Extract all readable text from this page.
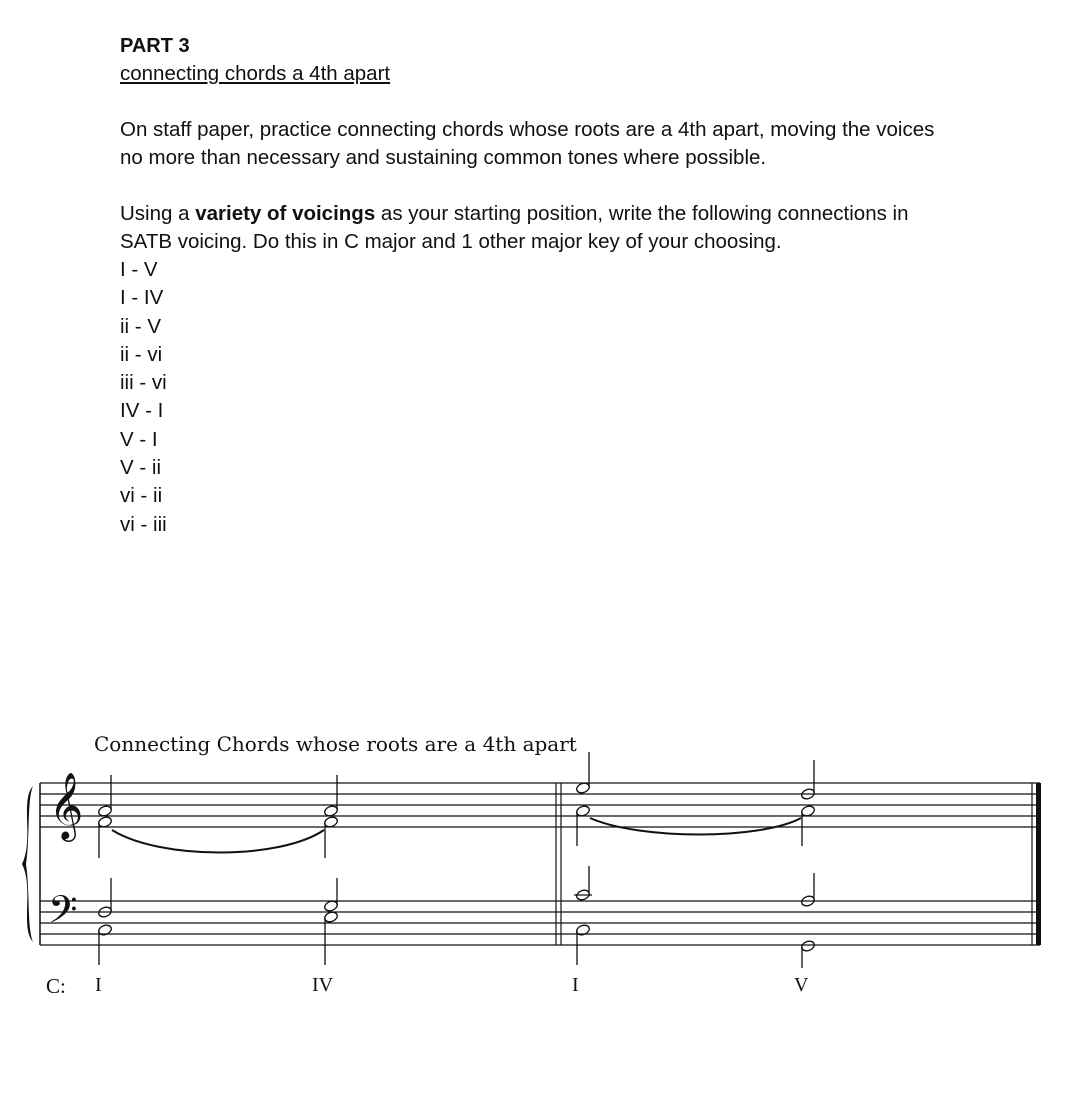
PART 3
connecting chords a 4th apart

On staff paper, practice connecting chords whose roots are a 4th apart, moving the voices no more than necessary and sustaining common tones where possible.

Using a variety of voicings as your starting position, write the following connections in SATB voicing. Do this in C major and 1 other major key of your choosing.

I - V
I - IV
ii - V
ii - vi
iii - vi
IV - I
V - I
V - ii
vi - ii
vi - iii
Connecting Chords whose roots are a 4th apart
𝄞
𝄢
C: I	IV	I	V
